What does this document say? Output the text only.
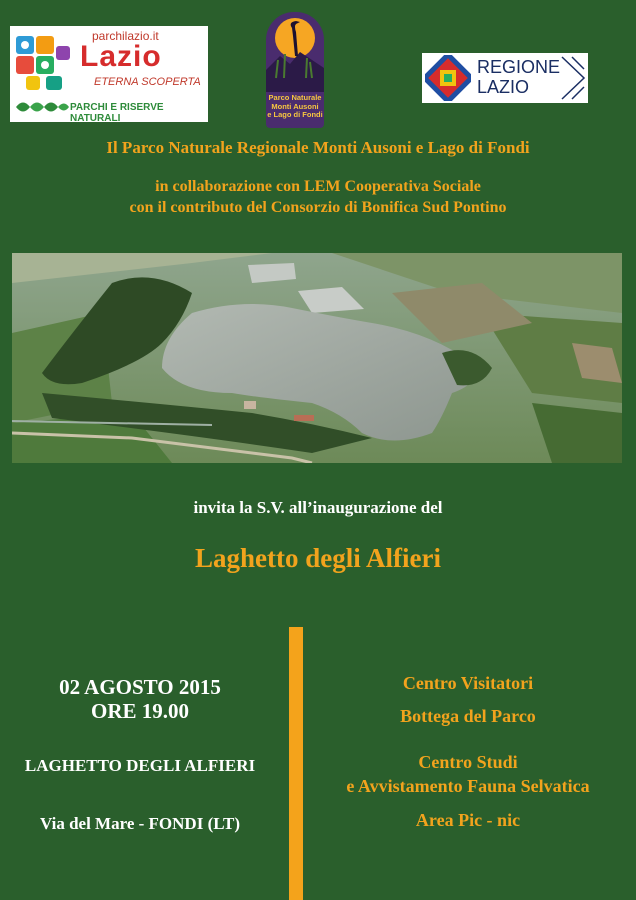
parchilazio.it
Lazio
ETERNA SCOPERTA
PARCHI E RISERVE NATURALI
Parco Naturale
Monti Ausoni
e Lago di Fondi
REGIONE
LAZIO
Il Parco Naturale Regionale Monti Ausoni e Lago di Fondi
in collaborazione con LEM Cooperativa Sociale
con il contributo del Consorzio di Bonifica Sud Pontino
invita la S.V. all’inaugurazione del
Laghetto degli Alfieri
02 AGOSTO 2015
ORE 19.00
LAGHETTO DEGLI ALFIERI
Via del Mare - FONDI (LT)
Centro Visitatori
Bottega del Parco
Centro Studi
e Avvistamento Fauna Selvatica
Area Pic - nic
